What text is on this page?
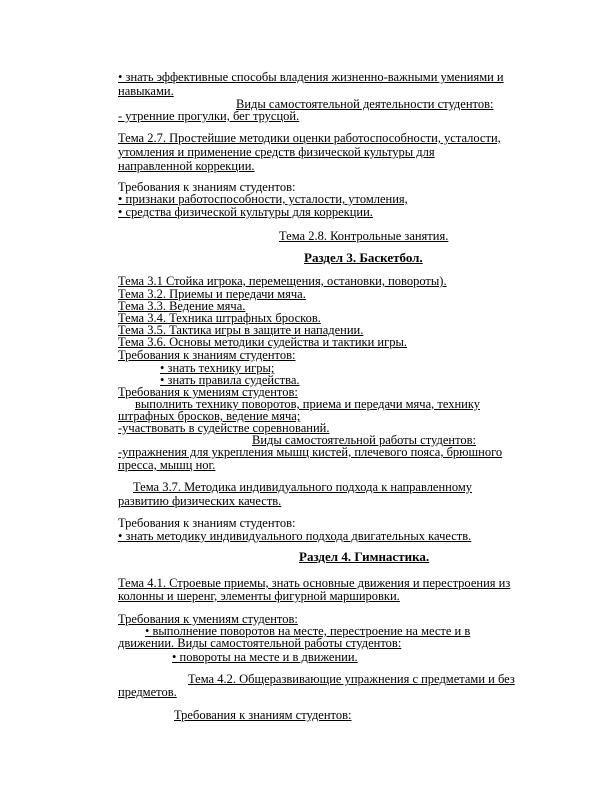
• знать эффективные способы владения жизненно-важными умениями и
навыками.
Виды самостоятельной деятельности студентов:
- утренние прогулки, бег трусцой.
Тема 2.7. Простейшие методики оценки работоспособности, усталости,
утомления и применение средств физической культуры для
направленной коррекции.
Требования к знаниям студентов:
• признаки работоспособности, усталости, утомления,
• средства физической культуры для коррекции.
Тема 2.8. Контрольные занятия.
Раздел 3. Баскетбол.
Тема 3.1 Стойка игрока, перемещения, остановки, повороты).
Тема 3.2. Приемы и передачи мяча.
Тема 3.3. Ведение мяча.
Тема 3.4. Техника штрафных бросков.
Тема 3.5. Тактика игры в защите и нападении.
Тема 3.6. Основы методики судейства и тактики игры.
Требования к знаниям студентов:
• знать технику игры;
• знать правила судейства.
Требования к умениям студентов:
выполнить технику поворотов, приема и передачи мяча, технику
штрафных бросков, ведение мяча;
-участвовать в судействе соревнований.
Виды самостоятельной работы студентов:
-упражнения для укрепления мышц кистей, плечевого пояса, брюшного
пресса, мышц ног.
Тема 3.7. Методика индивидуального подхода к направленному
развитию физических качеств.
Требования к знаниям студентов:
• знать методику индивидуального подхода двигательных качеств.
Раздел 4. Гимнастика.
Тема 4.1. Строевые приемы, знать основные движения и перестроения из
колонны и шеренг, элементы фигурной маршировки.
Требования к умениям студентов:
• выполнение поворотов на месте, перестроение на месте и в
движении. Виды самостоятельной работы студентов:
• повороты на месте и в движении.
Тема 4.2. Общеразвивающие упражнения с предметами и без
предметов.
Требования к знаниям студентов:
